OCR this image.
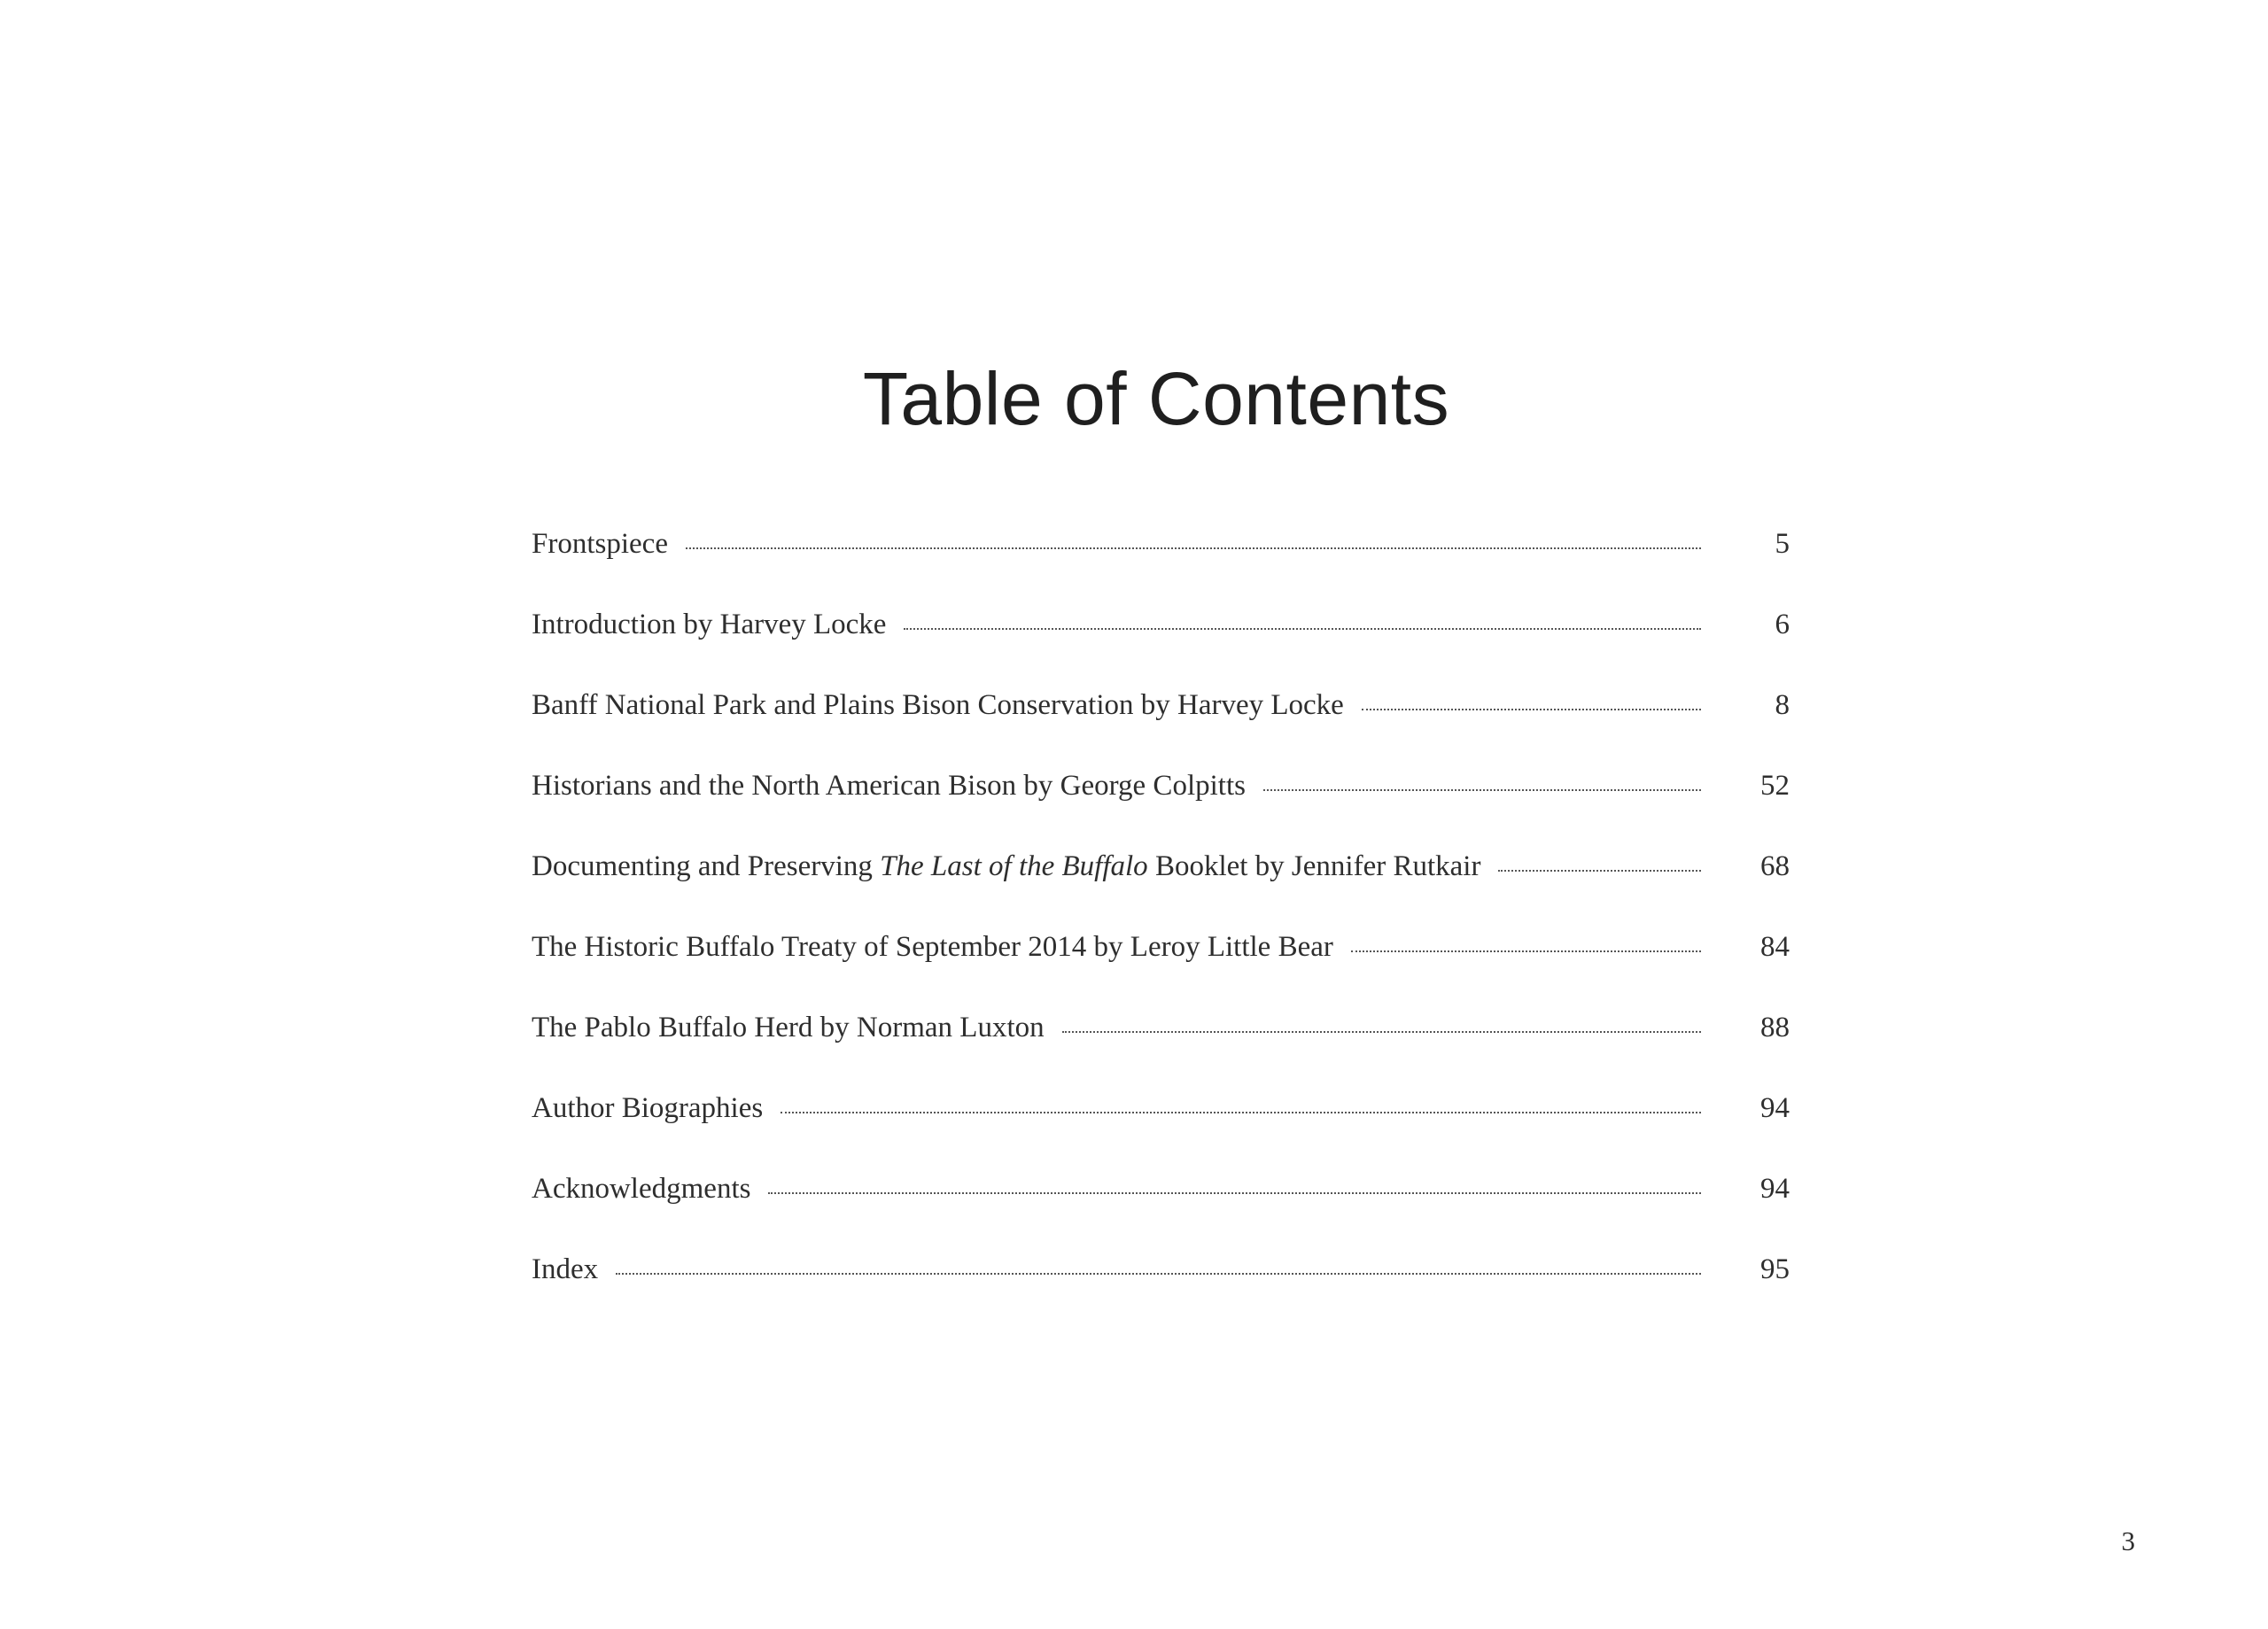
Table of Contents
Frontspiece	5
Introduction by Harvey Locke	6
Banff National Park and Plains Bison Conservation by Harvey Locke	8
Historians and the North American Bison by George Colpitts	52
Documenting and Preserving The Last of the Buffalo Booklet by Jennifer Rutkair	68
The Historic Buffalo Treaty of September 2014 by Leroy Little Bear	84
The Pablo Buffalo Herd by Norman Luxton	88
Author Biographies	94
Acknowledgments	94
Index	95
3
